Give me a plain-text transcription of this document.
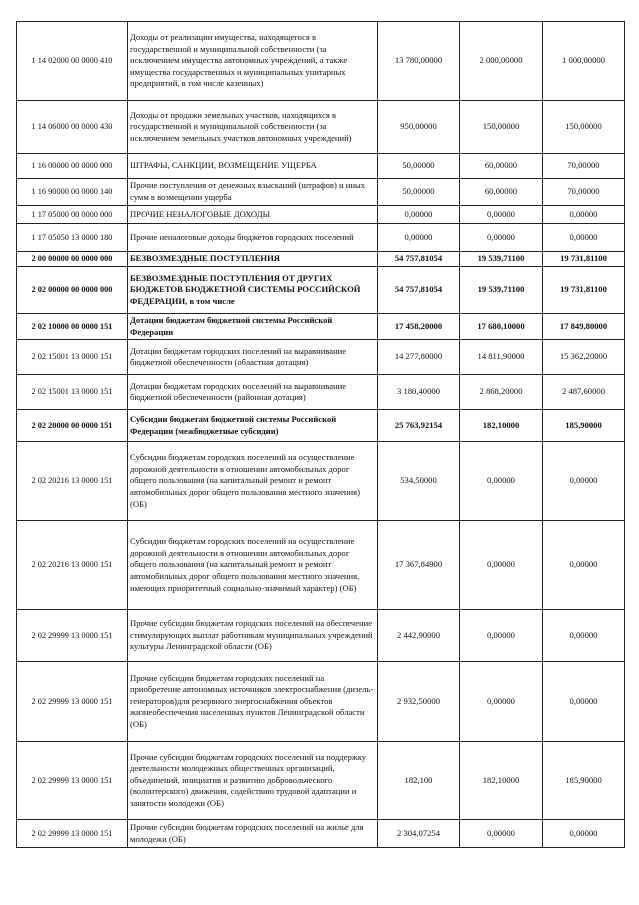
1 14 02000 00 0000 410	Доходы от реализации имущества, находящегося в государственной и муниципальной собственности (за исключением имущества автономных учреждений, а также имущества государственных и муниципальных унитарных предприятий, в том числе казенных)	13 780,00000	2 000,00000	1 000,00000
1 14 06000 00 0000 430	Доходы от продажи земельных участков, находящихся в государственной и муниципальной собственности (за исключением земельных участков автономных учреждений)	950,00000	150,00000	150,00000
1 16 00000 00 0000 000	ШТРАФЫ, САНКЦИИ, ВОЗМЕЩЕНИЕ УЩЕРБА	50,00000	60,00000	70,00000
1 16 90000 00 0000 140	Прочие поступления от денежных взысканий (штрафов) и иных сумм в возмещении ущерба	50,00000	60,00000	70,00000
1 17 05000 00 0000 000	ПРОЧИЕ НЕНАЛОГОВЫЕ ДОХОДЫ	0,00000	0,00000	0,00000
1 17 05050 13 0000 180	Прочие неналоговые доходы бюджетов городских поселений	0,00000	0,00000	0,00000
2 00 00000 00 0000 000	БЕЗВОЗМЕЗДНЫЕ ПОСТУПЛЕНИЯ	54 757,81054	19 539,71100	19 731,81100
2 02 00000 00 0000 000	БЕЗВОЗМЕЗДНЫЕ ПОСТУПЛЕНИЯ ОТ ДРУГИХ БЮДЖЕТОВ БЮДЖЕТНОЙ СИСТЕМЫ РОССИЙСКОЙ ФЕДЕРАЦИИ, в том числе	54 757,81054	19 539,71100	19 731,81100
2 02 10000 00 0000 151	Дотации бюджетам бюджетной системы Российской Федерации	17 458,20000	17 680,10000	17 849,80000
2 02 15001 13 0000 151	Дотации бюджетам городских поселений на выравнивание бюджетной обеспеченности (областная дотация)	14 277,80000	14 811,90000	15 362,20000
2 02 15001 13 0000 151	Дотации бюджетам городских поселений на выравнивание бюджетной обеспеченности (районная дотация)	3 180,40000	2 868,20000	2 487,60000
2 02 20000 00 0000 151	Субсидии бюджетам бюджетной системы Российской Федерации (межбюджетные субсидии)	25 763,92154	182,10000	185,90000
2 02 20216 13 0000 151	Субсидии бюджетам городских поселений на осуществление дорожной деятельности в отношении автомобильных дорог общего пользования (на капитальный ремонт и ремонт автомобильных дорог общего пользования местного значения) (ОБ)	534,50000	0,00000	0,00000
2 02 20216 13 0000 151	Субсидии бюджетам городских поселений на осуществление дорожной деятельности в отношении автомобильных дорог общего пользования (на капитальный ремонт и ремонт автомобильных дорог общего пользования местного значения, имеющих приоритетный социально-значимый характер) (ОБ)	17 367,84900	0,00000	0,00000
2 02 29999 13 0000 151	Прочие субсидии бюджетам городских поселений на обеспечение стимулирующих выплат работникам муниципальных учреждений культуры Ленинградской области (ОБ)	2 442,90000	0,00000	0,00000
2 02 29999 13 0000 151	Прочие субсидии бюджетам городских поселений на приобретение автономных источников электроснабжения (дизель-генераторов)для резервного энергоснабжения объектов жизнеобеспечения населенных пунктов Ленинградской области (ОБ)	2 932,50000	0,00000	0,00000
2 02 29999 13 0000 151	Прочие субсидии бюджетам городских поселений на поддержку деятельности молодежных общественных организаций, объединений, инициатив и развитию добровольческого (волонтерского) движения, содействию трудовой адаптации и занятости молодежи (ОБ)	182,100	182,10000	185,90000
2 02 29999 13 0000 151	Прочие субсидии бюджетам городских поселений на жилье для молодежи (ОБ)	2 304,07254	0,00000	0,00000
